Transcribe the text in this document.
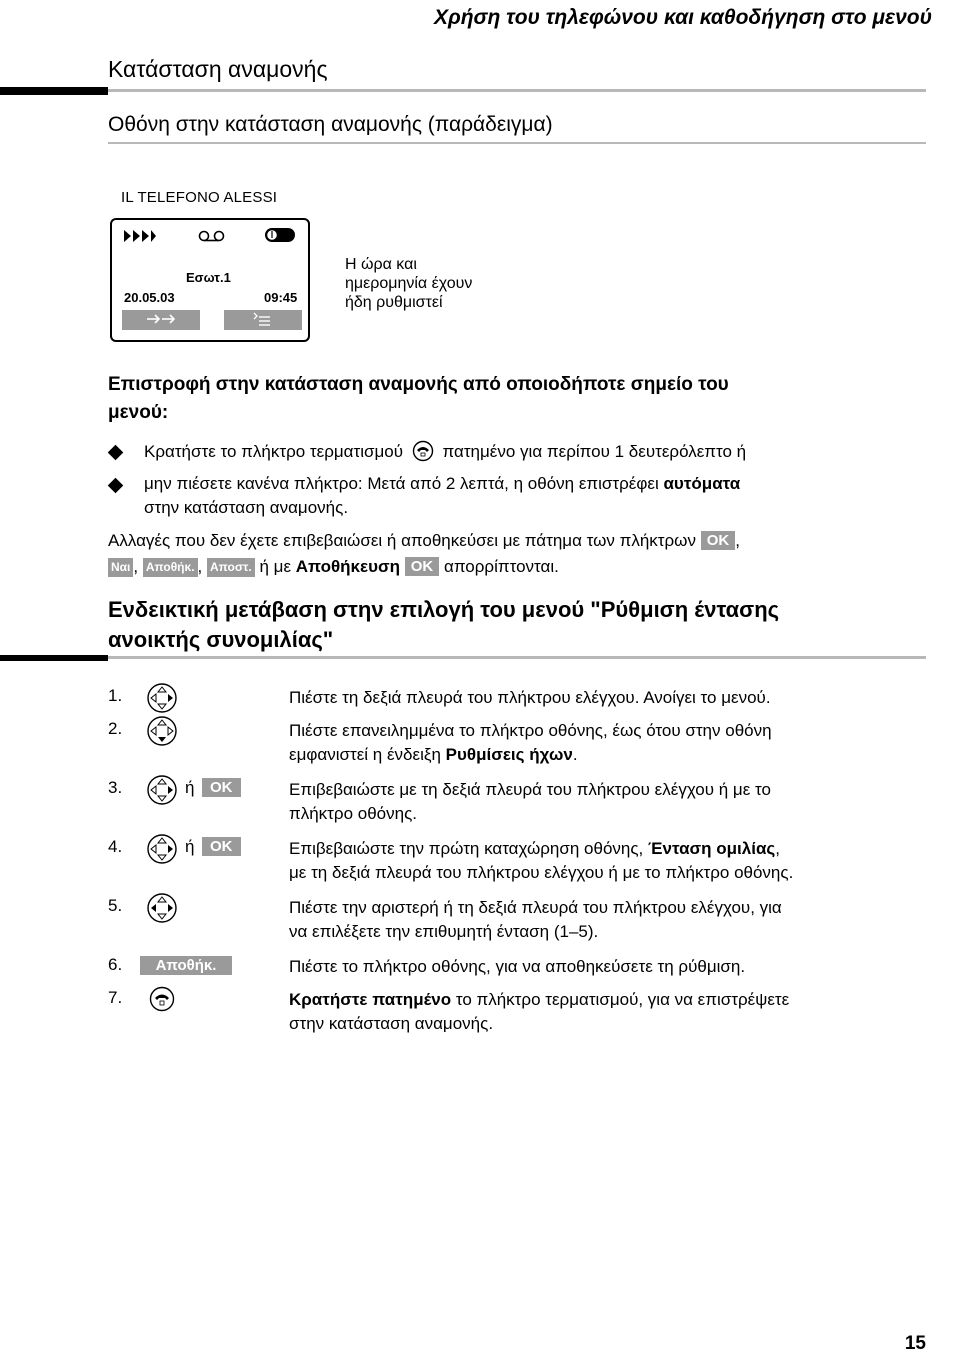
Χρήση του τηλεφώνου και καθοδήγηση στο μενού
Κατάσταση αναμονής
Οθόνη στην κατάσταση αναμονής (παράδειγμα)
IL TELEFONO ALESSI
Εσωτ.1
20.05.03	09:45
Η ώρα και
ημερομηνία έχουν
ήδη ρυθμιστεί
Επιστροφή στην κατάσταση αναμονής από οποιοδήποτε σημείο του
μενού:
Κρατήστε το πλήκτρο τερματισμού πατημένο για περίπου 1 δευτερόλεπτο ή
μην πιέσετε κανένα πλήκτρο: Μετά από 2 λεπτά, η οθόνη επιστρέφει αυτόματα
στην κατάσταση αναμονής.
Αλλαγές που δεν έχετε επιβεβαιώσει ή αποθηκεύσει με πάτημα των πλήκτρων OK ,
Ναι , Αποθήκ. , Αποστ. ή με Αποθήκευση OK απορρίπτονται.
Ενδεικτική μετάβαση στην επιλογή του μενού "Ρύθμιση έντασης
ανοικτής συνομιλίας"
1.	Πιέστε τη δεξιά πλευρά του πλήκτρου ελέγχου. Ανοίγει το μενού.
2.	Πιέστε επανειλημμένα το πλήκτρο οθόνης, έως ότου στην οθόνη
εμφανιστεί η ένδειξη Ρυθμίσεις ήχων.
3.	ή	OK	Επιβεβαιώστε με τη δεξιά πλευρά του πλήκτρου ελέγχου ή με το
πλήκτρο οθόνης.
4.	ή	OK	Επιβεβαιώστε την πρώτη καταχώρηση οθόνης, Ένταση ομιλίας,
με τη δεξιά πλευρά του πλήκτρου ελέγχου ή με το πλήκτρο οθόνης.
5.	Πιέστε την αριστερή ή τη δεξιά πλευρά του πλήκτρου ελέγχου, για
να επιλέξετε την επιθυμητή ένταση (1–5).
6.	Αποθήκ.	Πιέστε το πλήκτρο οθόνης, για να αποθηκεύσετε τη ρύθμιση.
7.	Κρατήστε πατημένο το πλήκτρο τερματισμού, για να επιστρέψετε
στην κατάσταση αναμονής.
15
